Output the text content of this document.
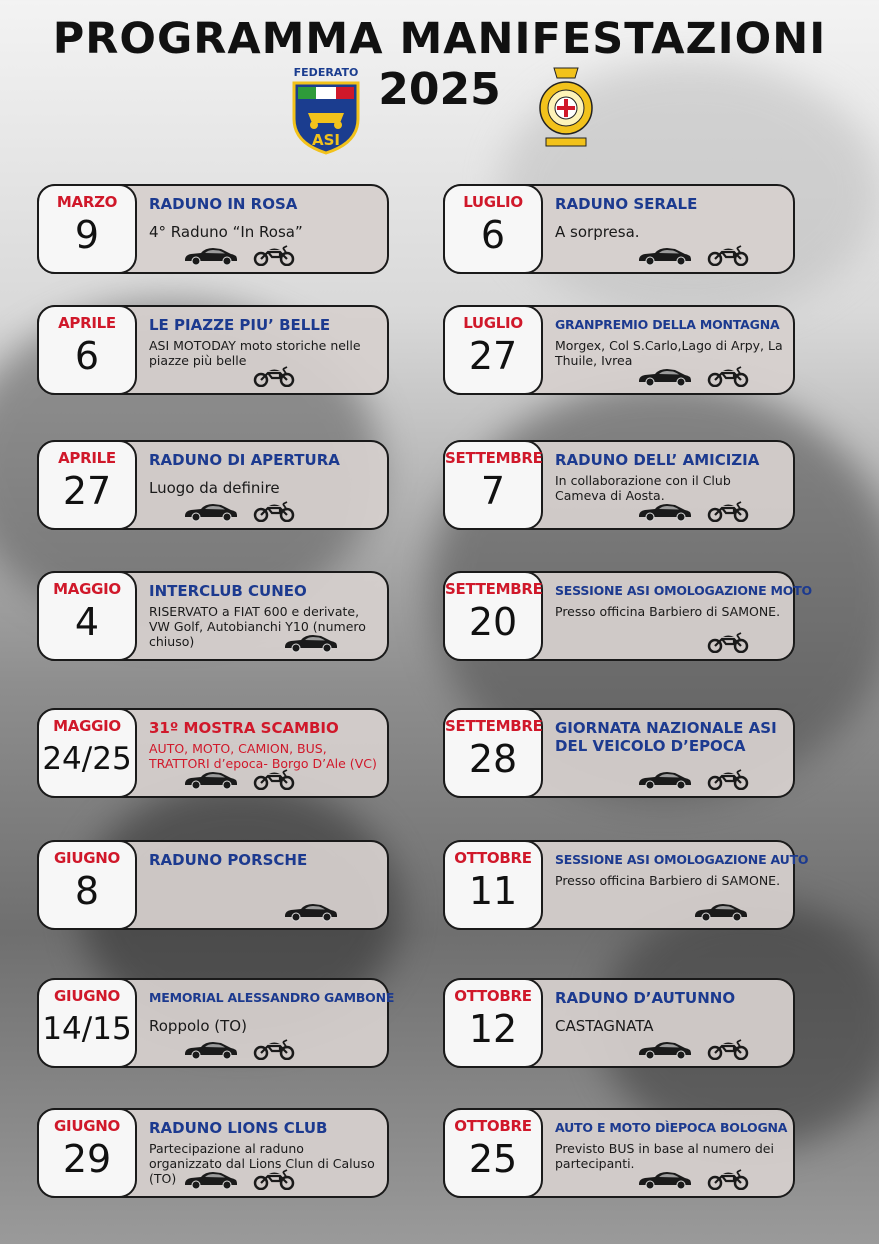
PROGRAMMA MANIFESTAZIONI
2025
FEDERATO
ASI
MARZO
9
RADUNO IN ROSA
4° Raduno “In Rosa”
APRILE
6
LE PIAZZE PIU’ BELLE
ASI MOTODAY moto storiche nelle piazze più belle
APRILE
27
RADUNO DI APERTURA
Luogo da definire
MAGGIO
4
INTERCLUB CUNEO
RISERVATO a FIAT 600 e derivate, VW Golf, Autobianchi Y10 (numero chiuso)
MAGGIO
24/25
31º MOSTRA SCAMBIO
AUTO, MOTO, CAMION, BUS, TRATTORI d’epoca- Borgo D’Ale (VC)
GIUGNO
8
RADUNO PORSCHE
GIUGNO
14/15
MEMORIAL ALESSANDRO GAMBONE
Roppolo (TO)
GIUGNO
29
RADUNO LIONS CLUB
Partecipazione al raduno organizzato dal Lions Clun di Caluso (TO)
LUGLIO
6
RADUNO SERALE
A sorpresa.
LUGLIO
27
GRANPREMIO DELLA MONTAGNA
Morgex, Col S.Carlo,Lago di Arpy, La Thuile, Ivrea
SETTEMBRE
7
RADUNO DELL’ AMICIZIA
In collaborazione con il Club Cameva di Aosta.
SETTEMBRE
20
SESSIONE ASI OMOLOGAZIONE MOTO
Presso officina Barbiero di SAMONE.
SETTEMBRE
28
GIORNATA NAZIONALE ASI DEL VEICOLO D’EPOCA
OTTOBRE
11
SESSIONE ASI OMOLOGAZIONE AUTO
Presso officina Barbiero di SAMONE.
OTTOBRE
12
RADUNO D’AUTUNNO
CASTAGNATA
OTTOBRE
25
AUTO E MOTO DÌEPOCA BOLOGNA
Previsto BUS in base al numero dei partecipanti.
